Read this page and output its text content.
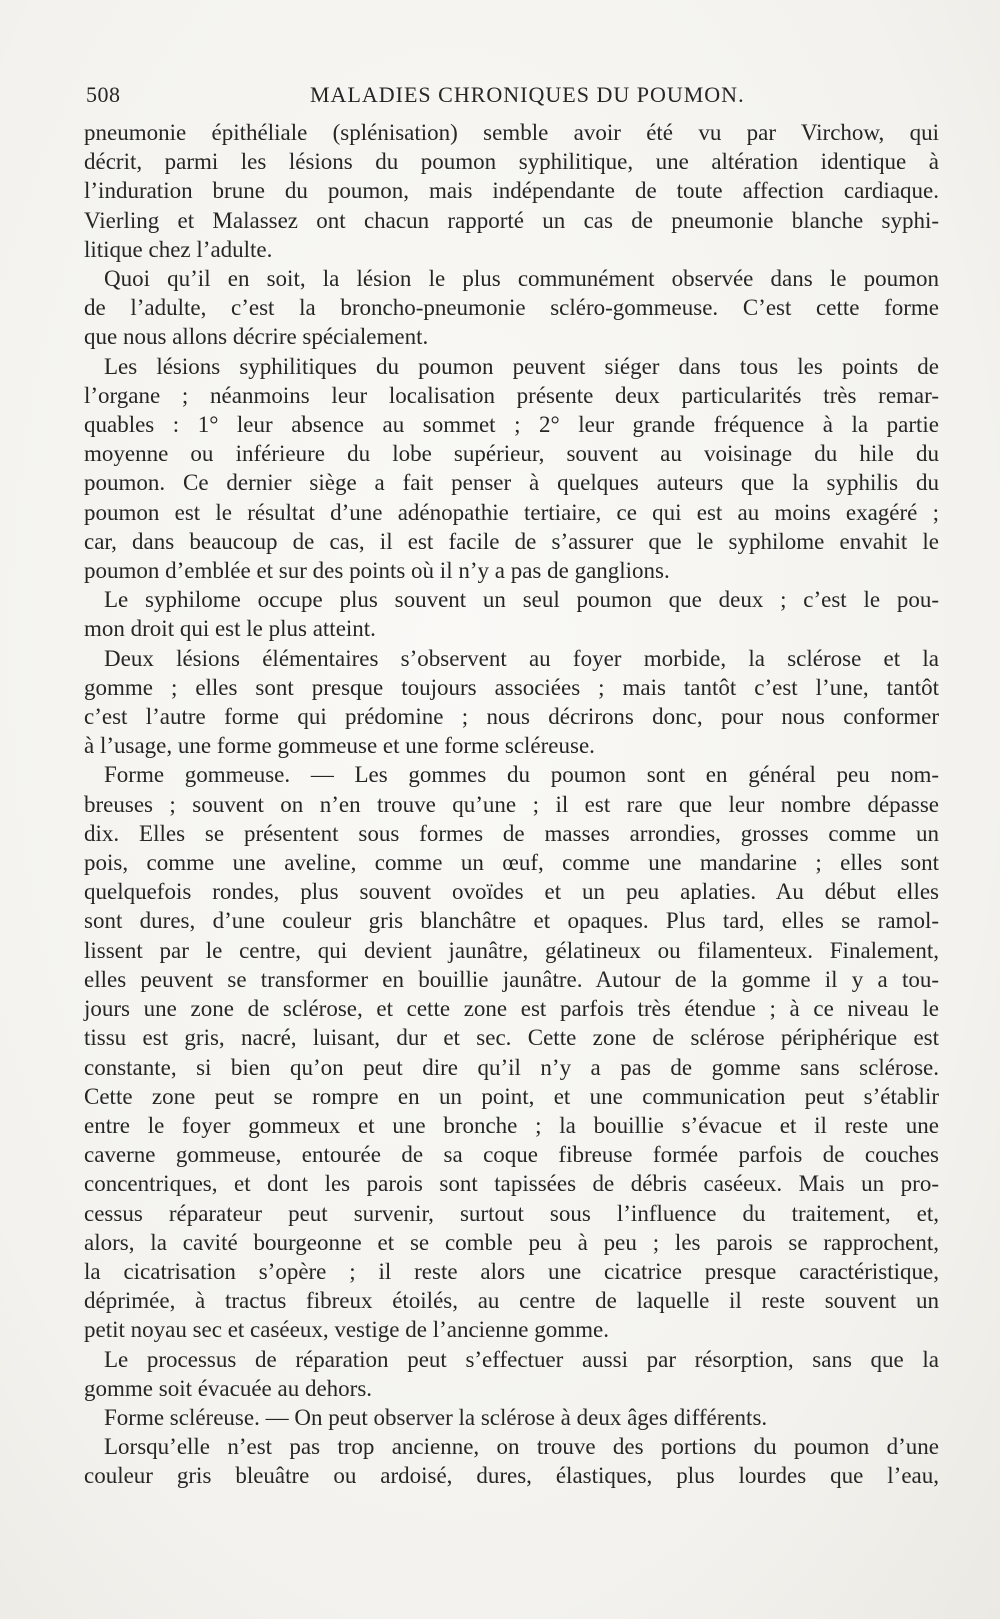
508	MALADIES CHRONIQUES DU POUMON.
pneumonie épithéliale (splénisation) semble avoir été vu par Virchow, qui
décrit, parmi les lésions du poumon syphilitique, une altération identique à
l’induration brune du poumon, mais indépendante de toute affection cardiaque.
Vierling et Malassez ont chacun rapporté un cas de pneumonie blanche syphi-
litique chez l’adulte.
Quoi qu’il en soit, la lésion le plus communément observée dans le poumon
de l’adulte, c’est la broncho-pneumonie scléro-gommeuse. C’est cette forme
que nous allons décrire spécialement.
Les lésions syphilitiques du poumon peuvent siéger dans tous les points de
l’organe ; néanmoins leur localisation présente deux particularités très remar-
quables : 1° leur absence au sommet ; 2° leur grande fréquence à la partie
moyenne ou inférieure du lobe supérieur, souvent au voisinage du hile du
poumon. Ce dernier siège a fait penser à quelques auteurs que la syphilis du
poumon est le résultat d’une adénopathie tertiaire, ce qui est au moins exagéré ;
car, dans beaucoup de cas, il est facile de s’assurer que le syphilome envahit le
poumon d’emblée et sur des points où il n’y a pas de ganglions.
Le syphilome occupe plus souvent un seul poumon que deux ; c’est le pou-
mon droit qui est le plus atteint.
Deux lésions élémentaires s’observent au foyer morbide, la sclérose et la
gomme ; elles sont presque toujours associées ; mais tantôt c’est l’une, tantôt
c’est l’autre forme qui prédomine ; nous décrirons donc, pour nous conformer
à l’usage, une forme gommeuse et une forme scléreuse.
Forme gommeuse. — Les gommes du poumon sont en général peu nom-
breuses ; souvent on n’en trouve qu’une ; il est rare que leur nombre dépasse
dix. Elles se présentent sous formes de masses arrondies, grosses comme un
pois, comme une aveline, comme un œuf, comme une mandarine ; elles sont
quelquefois rondes, plus souvent ovoïdes et un peu aplaties. Au début elles
sont dures, d’une couleur gris blanchâtre et opaques. Plus tard, elles se ramol-
lissent par le centre, qui devient jaunâtre, gélatineux ou filamenteux. Finalement,
elles peuvent se transformer en bouillie jaunâtre. Autour de la gomme il y a tou-
jours une zone de sclérose, et cette zone est parfois très étendue ; à ce niveau le
tissu est gris, nacré, luisant, dur et sec. Cette zone de sclérose périphérique est
constante, si bien qu’on peut dire qu’il n’y a pas de gomme sans sclérose.
Cette zone peut se rompre en un point, et une communication peut s’établir
entre le foyer gommeux et une bronche ; la bouillie s’évacue et il reste une
caverne gommeuse, entourée de sa coque fibreuse formée parfois de couches
concentriques, et dont les parois sont tapissées de débris caséeux. Mais un pro-
cessus réparateur peut survenir, surtout sous l’influence du traitement, et,
alors, la cavité bourgeonne et se comble peu à peu ; les parois se rapprochent,
la cicatrisation s’opère ; il reste alors une cicatrice presque caractéristique,
déprimée, à tractus fibreux étoilés, au centre de laquelle il reste souvent un
petit noyau sec et caséeux, vestige de l’ancienne gomme.
Le processus de réparation peut s’effectuer aussi par résorption, sans que la
gomme soit évacuée au dehors.
Forme scléreuse. — On peut observer la sclérose à deux âges différents.
Lorsqu’elle n’est pas trop ancienne, on trouve des portions du poumon d’une
couleur gris bleuâtre ou ardoisé, dures, élastiques, plus lourdes que l’eau,
